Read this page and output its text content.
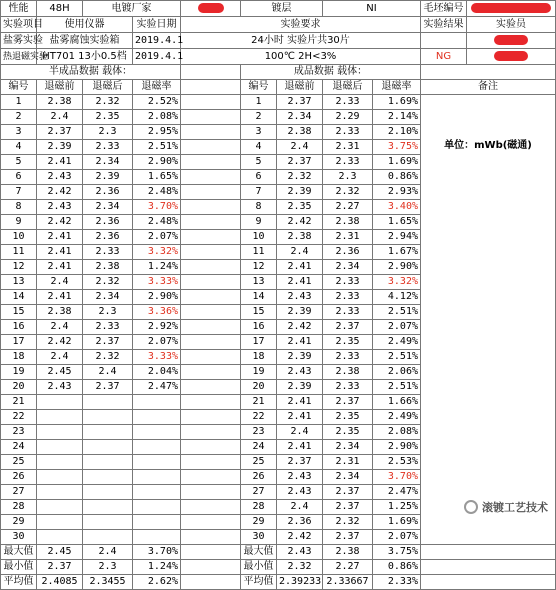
性能	48H	电镀厂家			镀层		NI		毛坯编号	
实验项目	使用仪器		实验日期	实验要求					实验结果	实验员
盐雾实验	盐雾腐蚀实验箱		2019.4.1	24小时 实验片共30片						
热退磁实验	HT701 13小0.5档		2019.4.1	100℃ 2H<3%					NG	
半成品数据 载体：					成品数据 载体：					
编号	退磁前	退磁后	退磁率		编号	退磁前	退磁后	退磁率	备注	
1	2.38	2.32	2.52%		1	2.37	2.33	1.69%	单位：mWb(磁通)	

2	2.4	2.35	2.08%		2	2.34	2.29	2.14%		
3	2.37	2.3	2.95%		3	2.38	2.33	2.10%		
4	2.39	2.33	2.51%		4	2.4	2.31	3.75%		
5	2.41	2.34	2.90%		5	2.37	2.33	1.69%		
6	2.43	2.39	1.65%		6	2.32	2.3	0.86%		
7	2.42	2.36	2.48%		7	2.39	2.32	2.93%		
8	2.43	2.34	3.70%		8	2.35	2.27	3.40%		
9	2.42	2.36	2.48%		9	2.42	2.38	1.65%		
10	2.41	2.36	2.07%		10	2.38	2.31	2.94%		
11	2.41	2.33	3.32%		11	2.4	2.36	1.67%		
12	2.41	2.38	1.24%		12	2.41	2.34	2.90%		
13	2.4	2.32	3.33%		13	2.41	2.33	3.32%		
14	2.41	2.34	2.90%		14	2.43	2.33	4.12%		
15	2.38	2.3	3.36%		15	2.39	2.33	2.51%		
16	2.4	2.33	2.92%		16	2.42	2.37	2.07%		
17	2.42	2.37	2.07%		17	2.41	2.35	2.49%		
18	2.4	2.32	3.33%		18	2.39	2.33	2.51%		
19	2.45	2.4	2.04%		19	2.43	2.38	2.06%		
20	2.43	2.37	2.47%		20	2.39	2.33	2.51%		
21					21	2.41	2.37	1.66%		
22					22	2.41	2.35	2.49%		
23					23	2.4	2.35	2.08%		
24					24	2.41	2.34	2.90%		
25					25	2.37	2.31	2.53%		
26					26	2.43	2.34	3.70%		
27					27	2.43	2.37	2.47%		
28					28	2.4	2.37	1.25%		
29					29	2.36	2.32	1.69%		
30					30	2.42	2.37	2.07%		
最大值	2.45	2.4	3.70%		最大值	2.43	2.38	3.75%		
最小值	2.37	2.3	1.24%		最小值	2.32	2.27	0.86%		
平均值	2.4085	2.3455	2.62%		平均值	2.39233	2.33667	2.33%		
滚镀工艺技术
